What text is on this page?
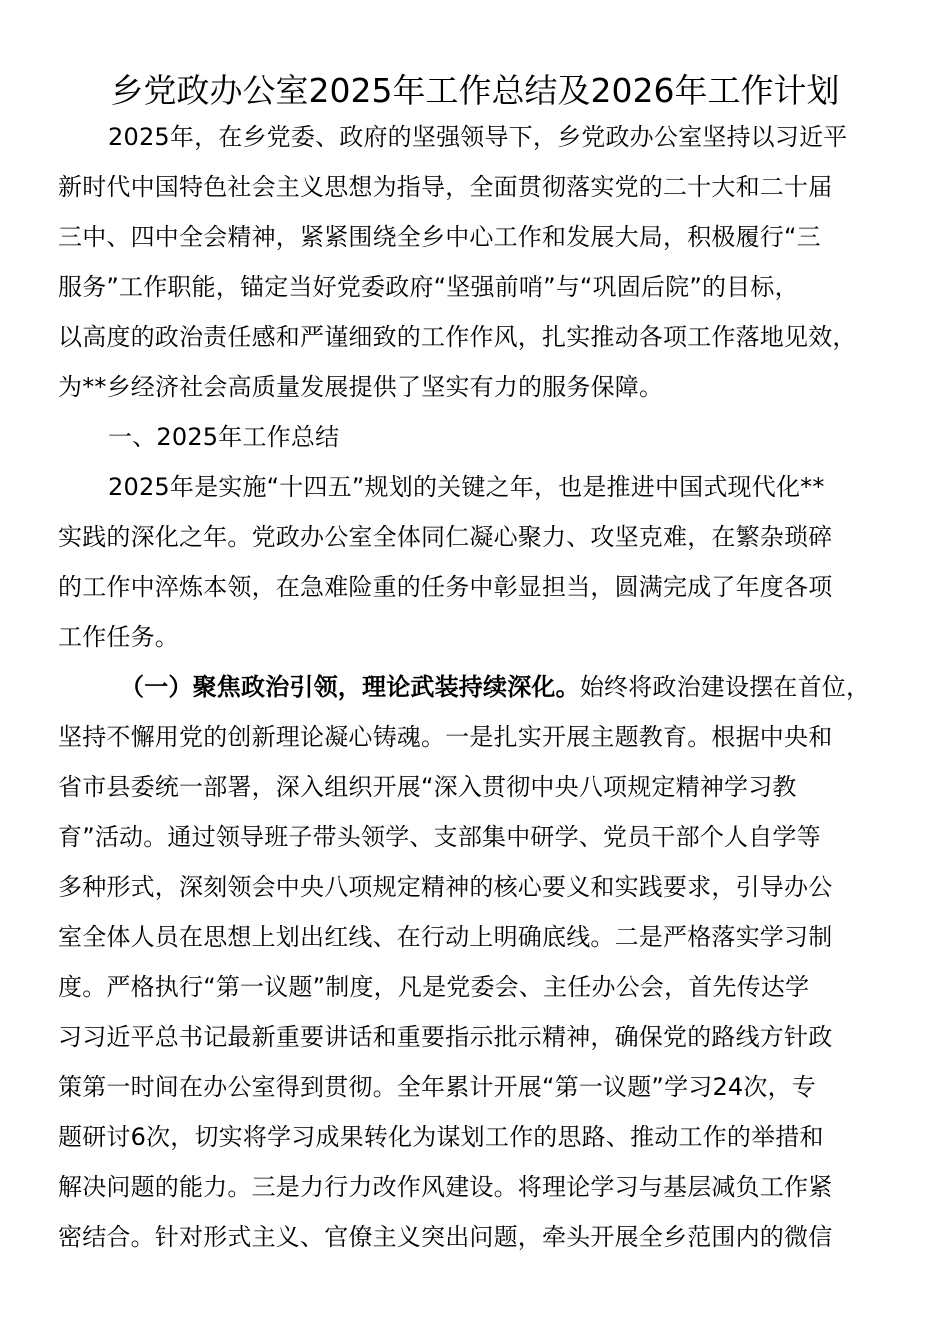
乡党政办公室2025年工作总结及2026年工作计划
2025年，在乡党委、政府的坚强领导下，乡党政办公室坚持以习近平
新时代中国特色社会主义思想为指导，全面贯彻落实党的二十大和二十届
三中、四中全会精神，紧紧围绕全乡中心工作和发展大局，积极履行“三
服务”工作职能，锚定当好党委政府“坚强前哨”与“巩固后院”的目标，
以高度的政治责任感和严谨细致的工作作风，扎实推动各项工作落地见效，
为**乡经济社会高质量发展提供了坚实有力的服务保障。
一、2025年工作总结
2025年是实施“十四五”规划的关键之年，也是推进中国式现代化**
实践的深化之年。党政办公室全体同仁凝心聚力、攻坚克难，在繁杂琐碎
的工作中淬炼本领，在急难险重的任务中彰显担当，圆满完成了年度各项
工作任务。
（一）聚焦政治引领，理论武装持续深化。始终将政治建设摆在首位，
坚持不懈用党的创新理论凝心铸魂。一是扎实开展主题教育。根据中央和
省市县委统一部署，深入组织开展“深入贯彻中央八项规定精神学习教
育”活动。通过领导班子带头领学、支部集中研学、党员干部个人自学等
多种形式，深刻领会中央八项规定精神的核心要义和实践要求，引导办公
室全体人员在思想上划出红线、在行动上明确底线。二是严格落实学习制
度。严格执行“第一议题”制度，凡是党委会、主任办公会，首先传达学
习习近平总书记最新重要讲话和重要指示批示精神，确保党的路线方针政
策第一时间在办公室得到贯彻。全年累计开展“第一议题”学习24次，专
题研讨6次，切实将学习成果转化为谋划工作的思路、推动工作的举措和
解决问题的能力。三是力行力改作风建设。将理论学习与基层减负工作紧
密结合。针对形式主义、官僚主义突出问题，牵头开展全乡范围内的微信
